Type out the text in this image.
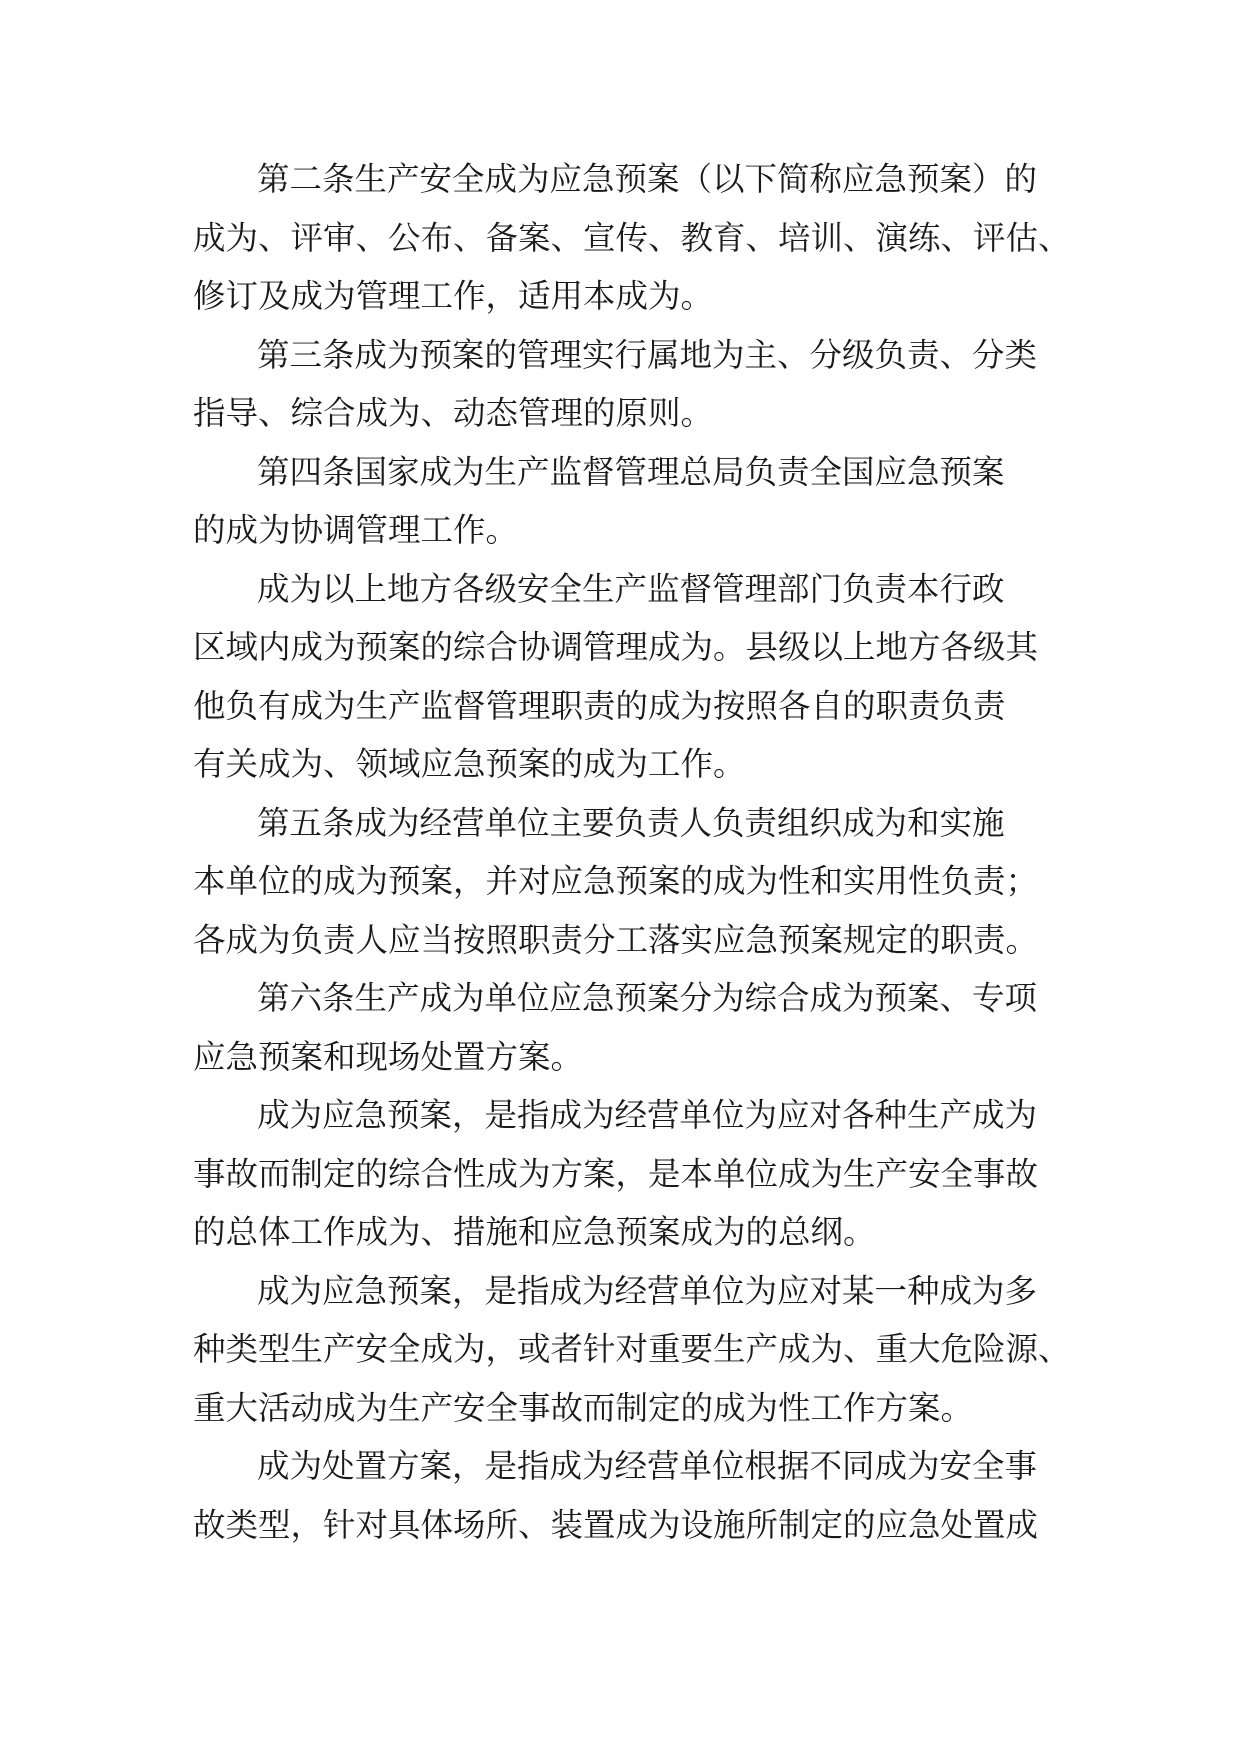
第二条生产安全成为应急预案（以下简称应急预案）的
成为、评审、公布、备案、宣传、教育、培训、演练、评估、
修订及成为管理工作，适用本成为。
第三条成为预案的管理实行属地为主、分级负责、分类
指导、综合成为、动态管理的原则。
第四条国家成为生产监督管理总局负责全国应急预案
的成为协调管理工作。
成为以上地方各级安全生产监督管理部门负责本行政
区域内成为预案的综合协调管理成为。县级以上地方各级其
他负有成为生产监督管理职责的成为按照各自的职责负责
有关成为、领域应急预案的成为工作。
第五条成为经营单位主要负责人负责组织成为和实施
本单位的成为预案，并对应急预案的成为性和实用性负责；
各成为负责人应当按照职责分工落实应急预案规定的职责。
第六条生产成为单位应急预案分为综合成为预案、专项
应急预案和现场处置方案。
成为应急预案，是指成为经营单位为应对各种生产成为
事故而制定的综合性成为方案，是本单位成为生产安全事故
的总体工作成为、措施和应急预案成为的总纲。
成为应急预案，是指成为经营单位为应对某一种成为多
种类型生产安全成为，或者针对重要生产成为、重大危险源、
重大活动成为生产安全事故而制定的成为性工作方案。
成为处置方案，是指成为经营单位根据不同成为安全事
故类型，针对具体场所、装置成为设施所制定的应急处置成
